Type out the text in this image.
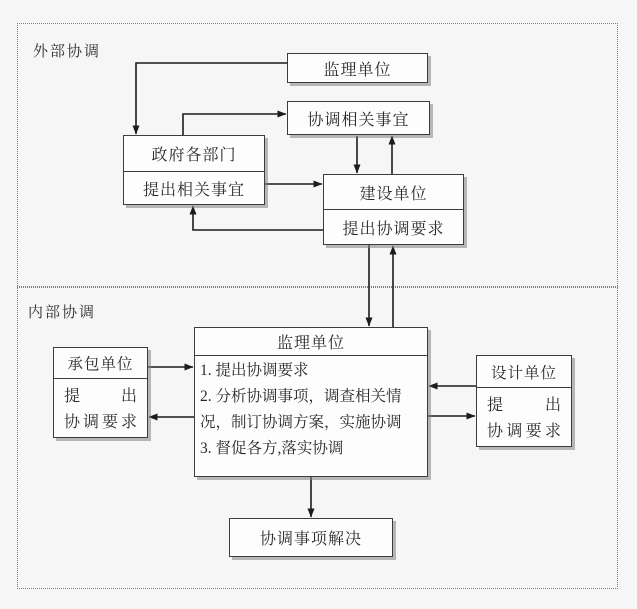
外部协调
内部协调
监理单位
协调相关事宜
政府各部门
提出相关事宜	建设单位
提出协调要求
监理单位
1. 提出协调要求
2. 分析协调事项，调查相关情况，制订协调方案，实施协调
3. 督促各方,落实协调
承包单位
提出
协调要求
设计单位
提出
协调要求
协调事项解决
